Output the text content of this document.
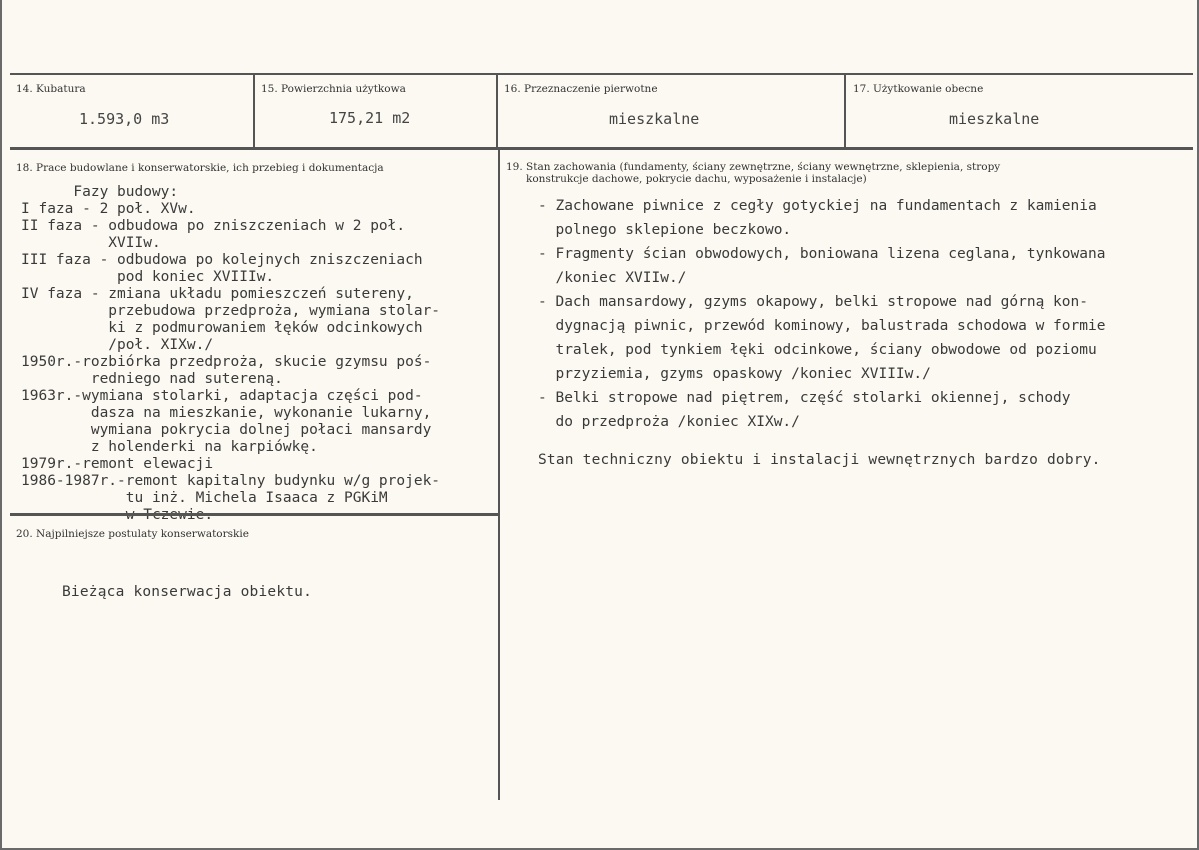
14. Kubatura	15. Powierzchnia użytkowa	16. Przeznaczenie pierwotne	17. Użytkowanie obecne
1.593,0 m3	175,21 m2	mieszkalne	mieszkalne
18. Prace budowlane i konserwatorskie, ich przebieg i dokumentacja
Fazy budowy:
I faza - 2 poł. XVw.
II faza - odbudowa po zniszczeniach w 2 poł.
XVIIw.
III faza - odbudowa po kolejnych zniszczeniach
pod koniec XVIIIw.
IV faza - zmiana układu pomieszczeń sutereny,
przebudowa przedproża, wymiana stolar-
ki z podmurowaniem łęków odcinkowych
/poł. XIXw./
1950r.-rozbiórka przedproża, skucie gzymsu poś-
redniego nad sutereną.
1963r.-wymiana stolarki, adaptacja części pod-
dasza na mieszkanie, wykonanie lukarny,
wymiana pokrycia dolnej połaci mansardy
z holenderki na karpiówkę.
1979r.-remont elewacji
1986-1987r.-remont kapitalny budynku w/g projek-
tu inż. Michela Isaaca z PGKiM
20. Najpilniejsze postulaty konserwatorskie
Bieżąca konserwacja obiektu.
19. Stan zachowania (fundamenty, ściany zewnętrzne, ściany wewnętrzne, sklepienia, stropy
konstrukcje dachowe, pokrycie dachu, wyposażenie i instalacje)
- Zachowane piwnice z cegły gotyckiej na fundamentach z kamienia
polnego sklepione beczkowo.
- Fragmenty ścian obwodowych, boniowana lizena ceglana, tynkowana
/koniec XVIIw./
- Dach mansardowy, gzyms okapowy, belki stropowe nad górną kon-
dygnacją piwnic, przewód kominowy, balustrada schodowa w formie
tralek, pod tynkiem łęki odcinkowe, ściany obwodowe od poziomu
przyziemia, gzyms opaskowy /koniec XVIIIw./
- Belki stropowe nad piętrem, część stolarki okiennej, schody
do przedproża /koniec XIXw./
Stan techniczny obiektu i instalacji wewnętrznych bardzo dobry.
